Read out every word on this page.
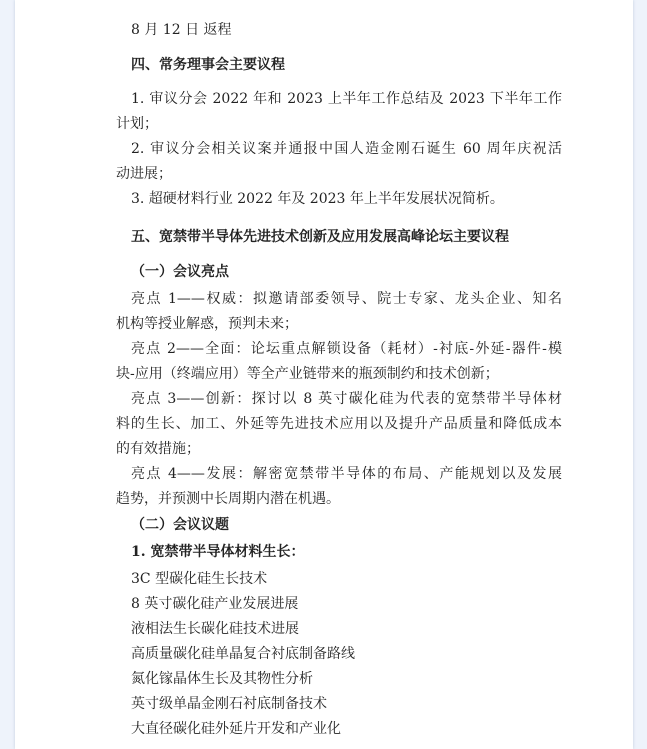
8 月 12 日 返程
四、常务理事会主要议程
1. 审议分会 2022 年和 2023 上半年工作总结及 2023 下半年工作
计划；
2. 审议分会相关议案并通报中国人造金刚石诞生 60 周年庆祝活
动进展；
3. 超硬材料行业 2022 年及 2023 年上半年发展状况简析。
五、宽禁带半导体先进技术创新及应用发展高峰论坛主要议程
（一）会议亮点
亮点 1——权威：拟邀请部委领导、院士专家、龙头企业、知名
机构等授业解惑，预判未来；
亮点 2——全面：论坛重点解锁设备（耗材）-衬底-外延-器件-模
块-应用（终端应用）等全产业链带来的瓶颈制约和技术创新；
亮点 3——创新：探讨以 8 英寸碳化硅为代表的宽禁带半导体材
料的生长、加工、外延等先进技术应用以及提升产品质量和降低成本
的有效措施；
亮点 4——发展：解密宽禁带半导体的布局、产能规划以及发展
趋势，并预测中长周期内潜在机遇。
（二）会议议题
1. 宽禁带半导体材料生长：
3C 型碳化硅生长技术
8 英寸碳化硅产业发展进展
液相法生长碳化硅技术进展
高质量碳化硅单晶复合衬底制备路线
氮化镓晶体生长及其物性分析
英寸级单晶金刚石衬底制备技术
大直径碳化硅外延片开发和产业化
